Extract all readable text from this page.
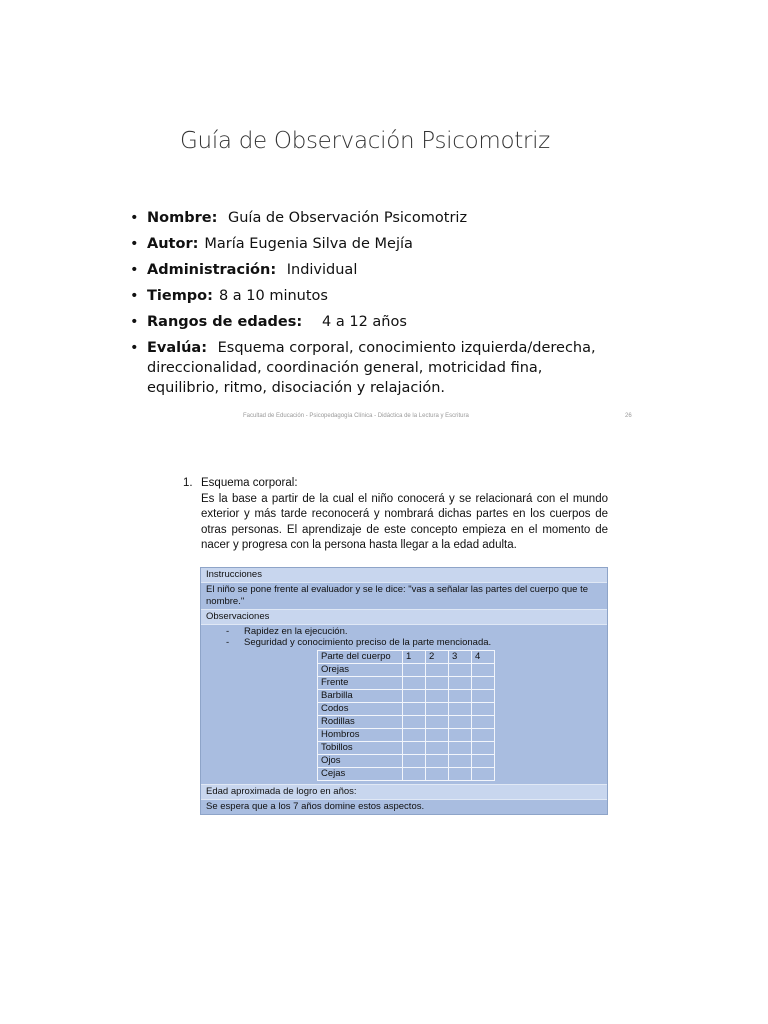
Guía de Observación Psicomotriz
• Nombre: Guía de Observación Psicomotriz
• Autor: María Eugenia Silva de Mejía
• Administración: Individual
• Tiempo: 8 a 10 minutos
• Rangos de edades: 4 a 12 años
• Evalúa: Esquema corporal, conocimiento izquierda/derecha, direccionalidad, coordinación general, motricidad fina, equilibrio, ritmo, disociación y relajación.
Facultad de Educación - Psicopedagogía Clínica - Didáctica de la Lectura y Escritura	26
1. Esquema corporal:
Es la base a partir de la cual el niño conocerá y se relacionará con el mundo exterior y más tarde reconocerá y nombrará dichas partes en los cuerpos de otras personas. El aprendizaje de este concepto empieza en el momento de nacer y progresa con la persona hasta llegar a la edad adulta.
Instrucciones
El niño se pone frente al evaluador y se le dice: "vas a señalar las partes del cuerpo que te nombre."
Observaciones
- Rapidez en la ejecución.
- Seguridad y conocimiento preciso de la parte mencionada.
Parte del cuerpo	1	2	3	4
Orejas				
Frente				
Barbilla				
Codos				
Rodillas				
Hombros				
Tobillos				
Ojos				
Cejas				
Edad aproximada de logro en años:
Se espera que a los 7 años domine estos aspectos.
